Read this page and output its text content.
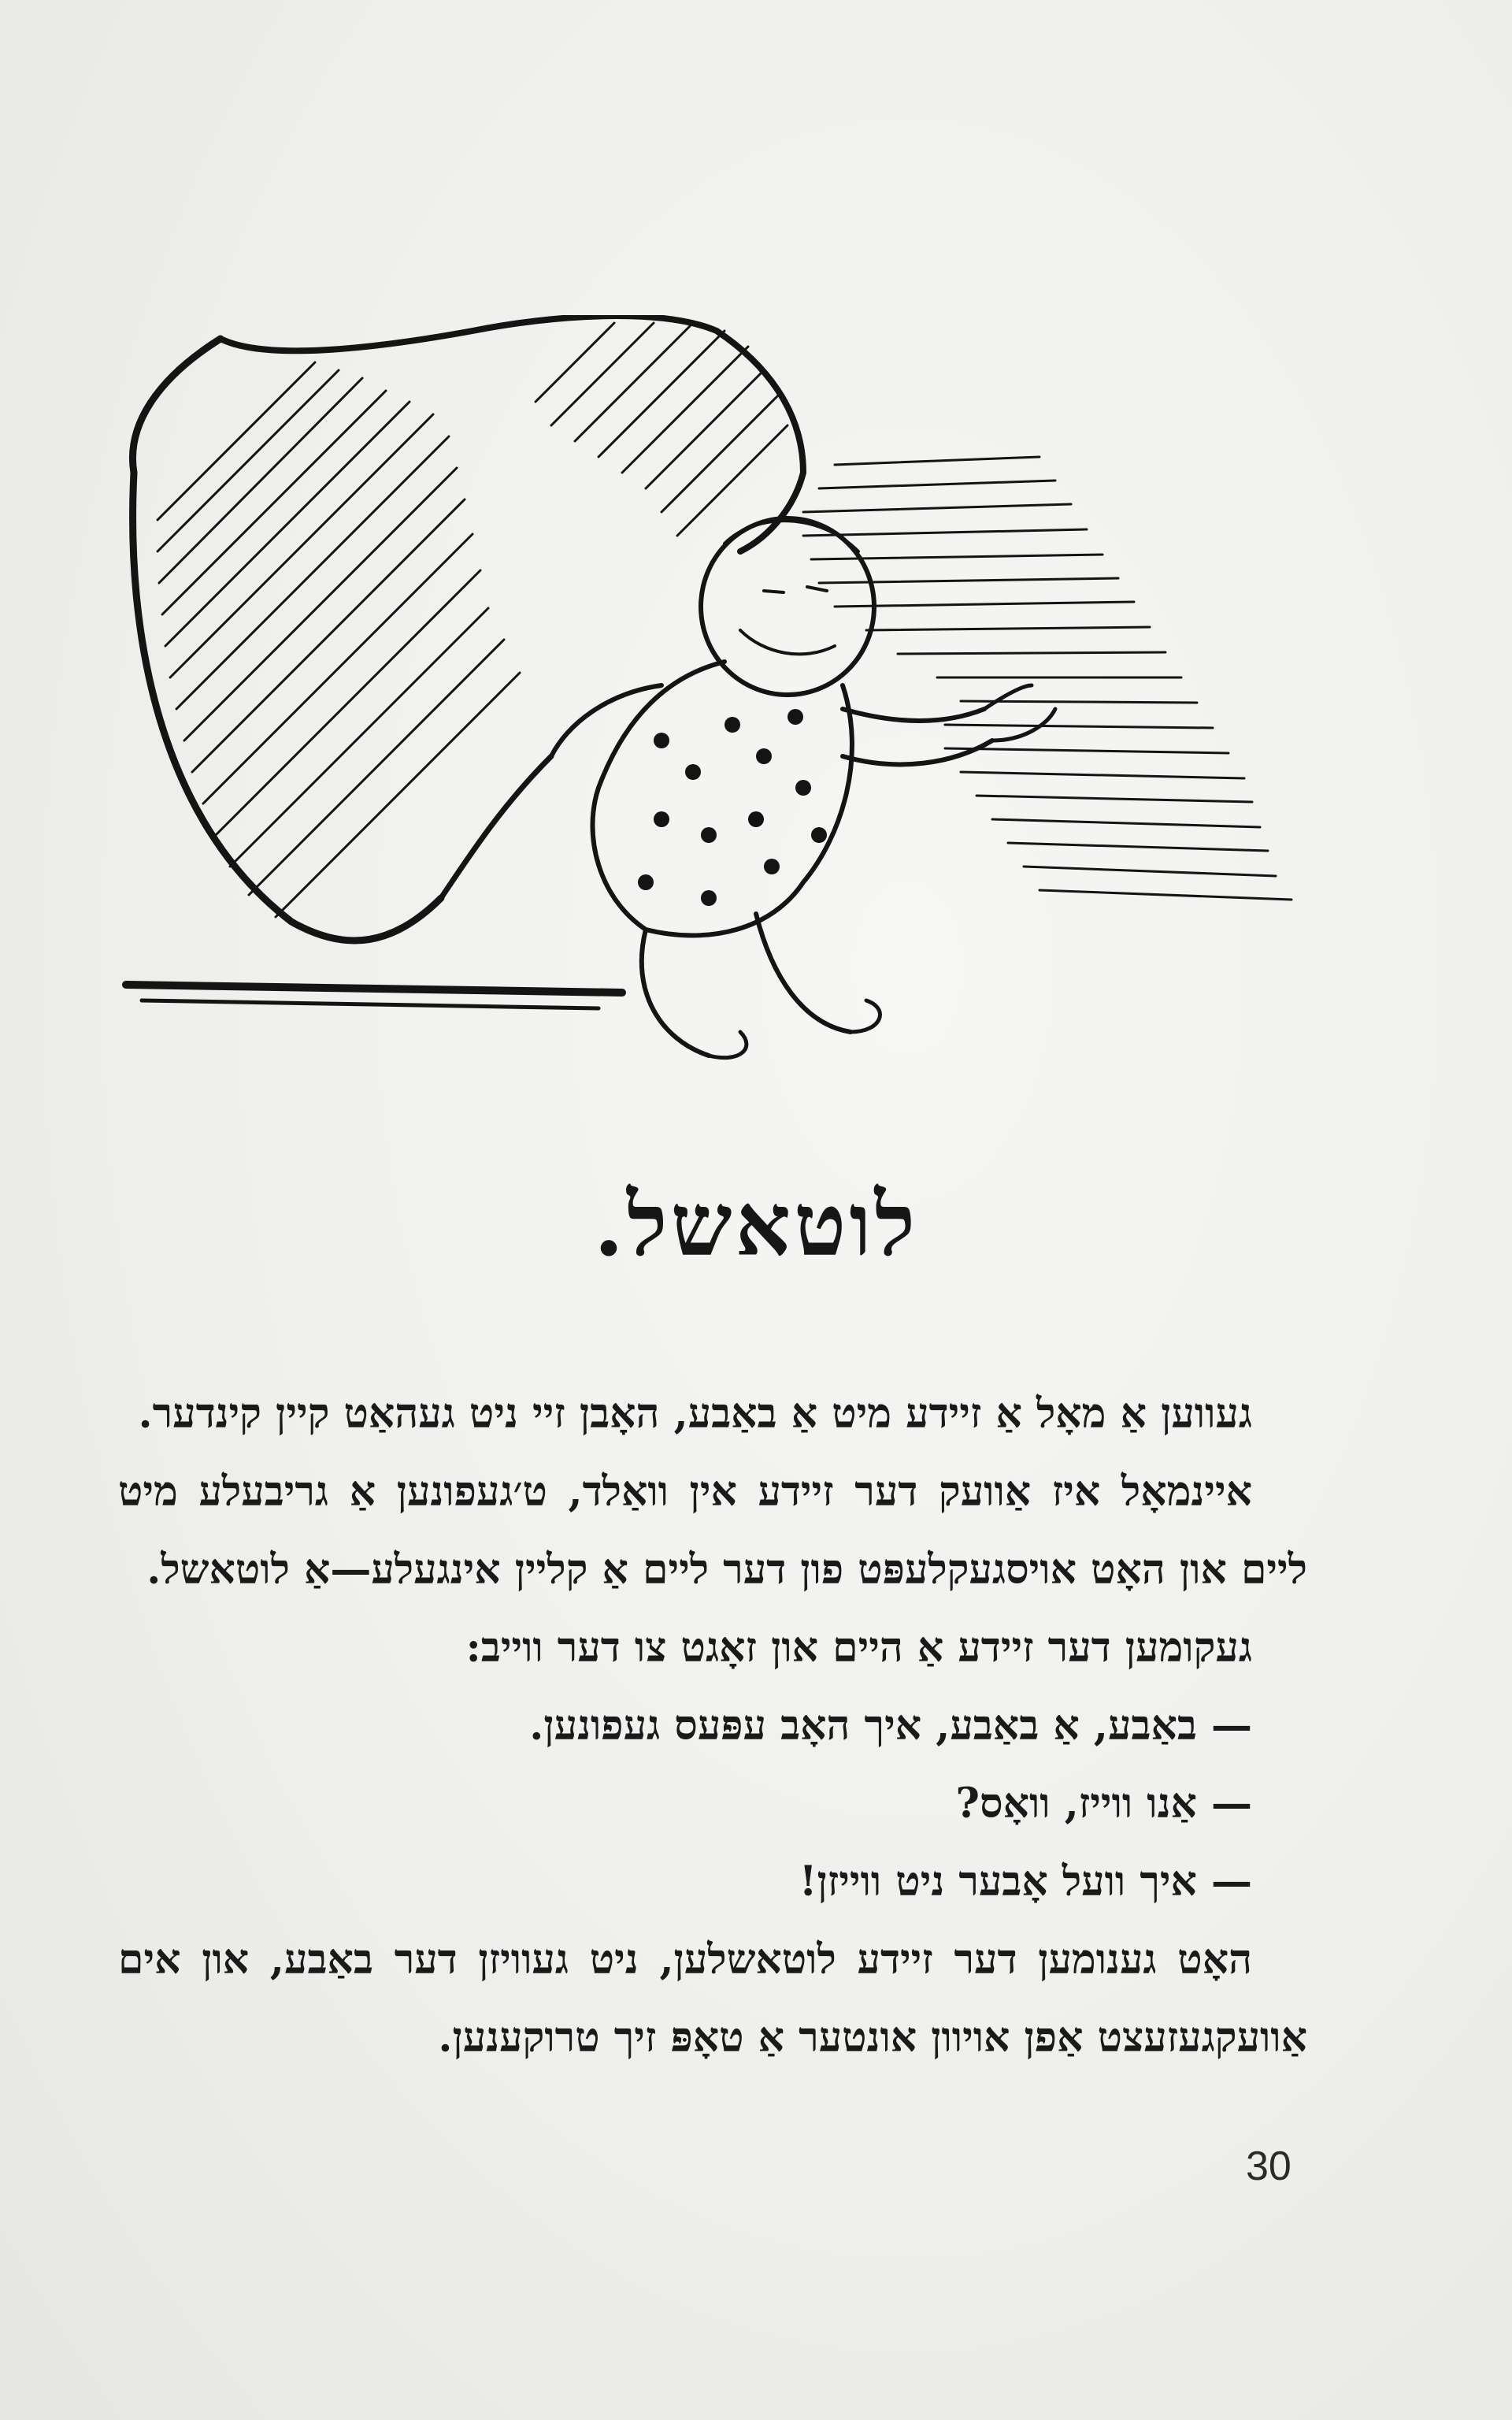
לוטאשל.

געווען אַ מאָל אַ זיידע מיט אַ באַבע, האָבן זיי ניט געהאַט קיין קינדער.

איינמאָל איז אַוועק דער זיידע אין וואַלד, ט׳געפונען אַ גריבעלע מיט ליים און האָט אויסגעקלעפּט פון דער ליים אַ קליין אינגעלע—אַ לוטאשל.

געקומען דער זיידע אַ היים און זאָגט צו דער ווייב:

— באַבע, אַ באַבע, איך האָב עפּעס געפונען.

— אַנו ווייז, וואָס?

— איך וועל אָבער ניט ווייזן!

האָט גענומען דער זיידע לוטאשלען, ניט געוויזן דער באַבע, און אים אַוועקגעזעצט אַפן אויוון אונטער אַ טאָפּ זיך טרוקענען.

30
